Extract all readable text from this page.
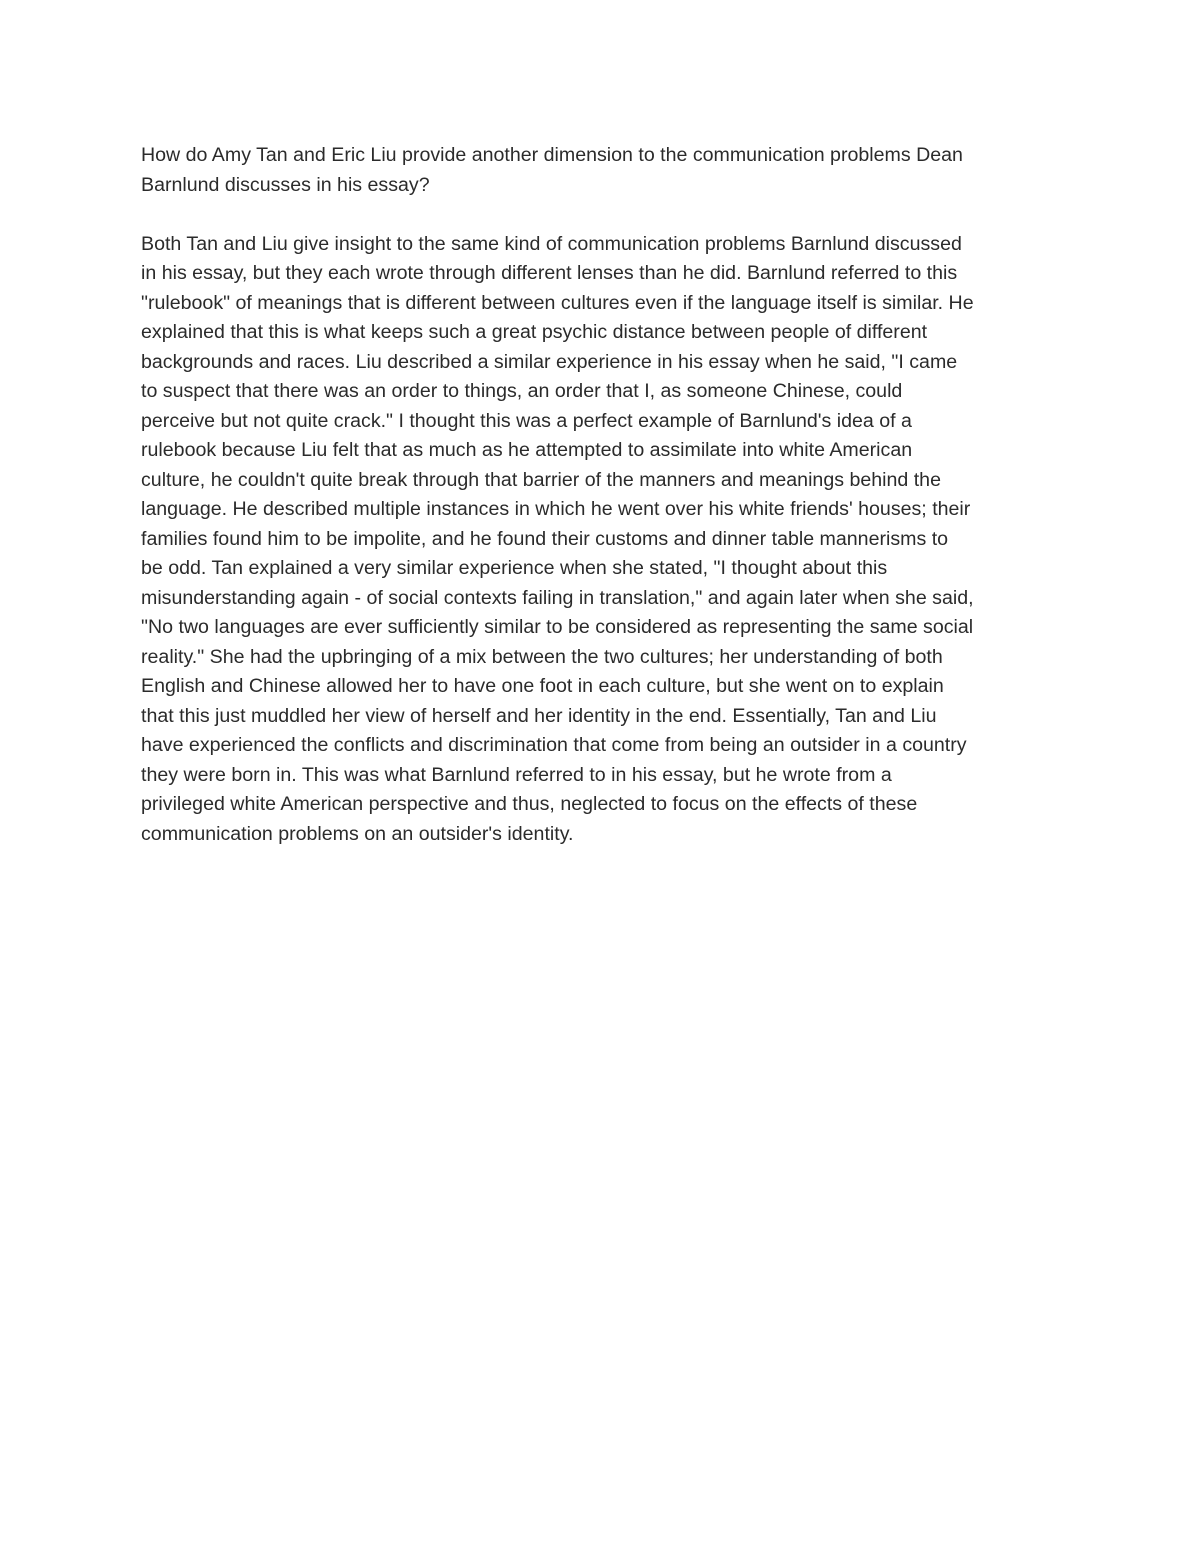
How do Amy Tan and Eric Liu provide another dimension to the communication problems Dean
Barnlund discusses in his essay?

Both Tan and Liu give insight to the same kind of communication problems Barnlund discussed
in his essay, but they each wrote through different lenses than he did. Barnlund referred to this
"rulebook" of meanings that is different between cultures even if the language itself is similar. He
explained that this is what keeps such a great psychic distance between people of different
backgrounds and races. Liu described a similar experience in his essay when he said, "I came
to suspect that there was an order to things, an order that I, as someone Chinese, could
perceive but not quite crack." I thought this was a perfect example of Barnlund's idea of a
rulebook because Liu felt that as much as he attempted to assimilate into white American
culture, he couldn't quite break through that barrier of the manners and meanings behind the
language. He described multiple instances in which he went over his white friends' houses; their
families found him to be impolite, and he found their customs and dinner table mannerisms to
be odd. Tan explained a very similar experience when she stated, "I thought about this
misunderstanding again - of social contexts failing in translation," and again later when she said,
"No two languages are ever sufficiently similar to be considered as representing the same social
reality." She had the upbringing of a mix between the two cultures; her understanding of both
English and Chinese allowed her to have one foot in each culture, but she went on to explain
that this just muddled her view of herself and her identity in the end. Essentially, Tan and Liu
have experienced the conflicts and discrimination that come from being an outsider in a country
they were born in. This was what Barnlund referred to in his essay, but he wrote from a
privileged white American perspective and thus, neglected to focus on the effects of these
communication problems on an outsider's identity.
